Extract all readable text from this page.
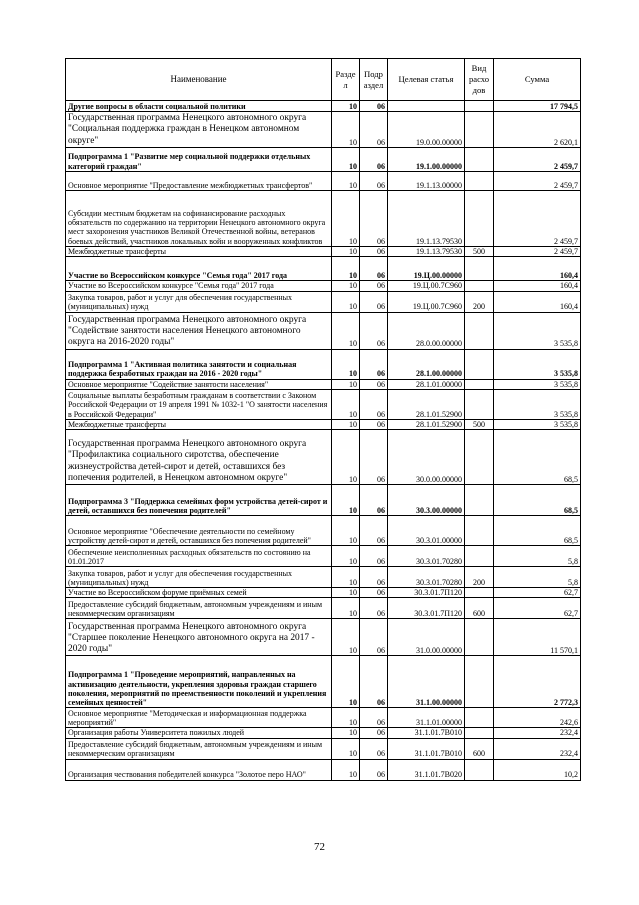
Наименование	Разде л	Подр аздел	Целевая статья	Вид расхо дов	Сумма
Другие вопросы в области социальной политики	10	06			17 794,5
Государственная программа Ненецкого автономного округа "Социальная поддержка граждан в Ненецком автономном округе"	10	06	19.0.00.00000		2 620,1
Подпрограмма 1 "Развитие мер социальной поддержки отдельных категорий граждан"	10	06	19.1.00.00000		2 459,7
Основное мероприятие "Предоставление межбюджетных трансфертов"	10	06	19.1.13.00000		2 459,7
Субсидии местным бюджетам на софинансирование расходных обязательств по содержанию на территории Ненецкого автономного округа мест захоронения участников Великой Отечественной войны, ветеранов боевых действий, участников локальных войн и вооруженных конфликтов	10	06	19.1.13.79530		2 459,7
Межбюджетные трансферты	10	06	19.1.13.79530	500	2 459,7
Участие во Всероссийском конкурсе "Семья года" 2017 года	10	06	19.Ц.00.00000		160,4
Участие во Всероссийском конкурсе "Семья года" 2017 года	10	06	19.Ц.00.7С960		160,4
Закупка товаров, работ и услуг для обеспечения государственных (муниципальных) нужд	10	06	19.Ц.00.7С960	200	160,4
Государственная программа Ненецкого автономного округа "Содействие занятости населения Ненецкого автономного округа на 2016-2020 годы"	10	06	28.0.00.00000		3 535,8
Подпрограмма 1 "Активная политика занятости и социальная поддержка безработных граждан на 2016 - 2020 годы"	10	06	28.1.00.00000		3 535,8
Основное мероприятие "Содействие занятости населения"	10	06	28.1.01.00000		3 535,8
Социальные выплаты безработным гражданам в соответствии с Законом Российской Федерации от 19 апреля 1991 № 1032-1 "О занятости населения в Российской Федерации"	10	06	28.1.01.52900		3 535,8
Межбюджетные трансферты	10	06	28.1.01.52900	500	3 535,8
Государственная программа Ненецкого автономного округа "Профилактика социального сиротства, обеспечение жизнеустройства детей-сирот и детей, оставшихся без попечения родителей, в Ненецком автономном округе"	10	06	30.0.00.00000		68,5
Подпрограмма 3 "Поддержка семейных форм устройства детей-сирот и детей, оставшихся без попечения родителей"	10	06	30.3.00.00000		68,5
Основное мероприятие "Обеспечение деятельности по семейному устройству детей-сирот и детей, оставшихся без попечения родителей"	10	06	30.3.01.00000		68,5
Обеспечение неисполненных расходных обязательств по состоянию на 01.01.2017	10	06	30.3.01.70280		5,8
Закупка товаров, работ и услуг для обеспечения государственных (муниципальных) нужд	10	06	30.3.01.70280	200	5,8
Участие во Всероссийском форуме приёмных семей	10	06	30.3.01.7П120		62,7
Предоставление субсидий бюджетным, автономным учреждениям и иным некоммерческим организациям	10	06	30.3.01.7П120	600	62,7
Государственная программа Ненецкого автономного округа "Старшее поколение Ненецкого автономного округа на 2017 - 2020 годы"	10	06	31.0.00.00000		11 570,1
Подпрограмма 1 "Проведение мероприятий, направленных на активизацию деятельности, укрепления здоровья граждан старшего поколения, мероприятий по преемственности поколений и укрепления семейных ценностей"	10	06	31.1.00.00000		2 772,3
Основное мероприятие "Методическая и информационная поддержка мероприятий"	10	06	31.1.01.00000		242,6
Организация работы Университета пожилых людей	10	06	31.1.01.7В010		232,4
Предоставление субсидий бюджетным, автономным учреждениям и иным некоммерческим организациям	10	06	31.1.01.7В010	600	232,4
Организация чествования победителей конкурса "Золотое перо НАО"	10	06	31.1.01.7В020		10,2
72
